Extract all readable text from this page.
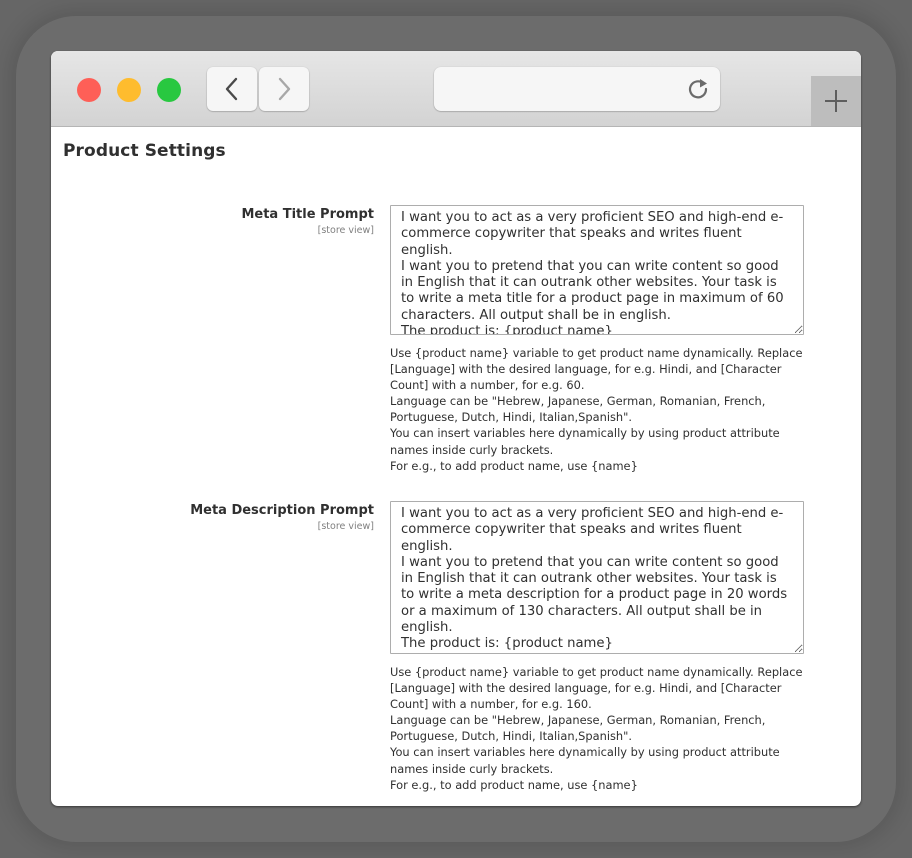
Product Settings
Meta Title Prompt
[store view]
I want you to act as a very proficient SEO and high-end e-commerce copywriter that speaks and writes fluent english. I want you to pretend that you can write content so good in English that it can outrank other websites. Your task is to write a meta title for a product page in maximum of 60 characters. All output shall be in english. The product is: {product name}
Use {product name} variable to get product name dynamically. Replace
[Language] with the desired language, for e.g. Hindi, and [Character
Count] with a number, for e.g. 60.
Language can be "Hebrew, Japanese, German, Romanian, French,
Portuguese, Dutch, Hindi, Italian,Spanish".
You can insert variables here dynamically by using product attribute
names inside curly brackets.
For e.g., to add product name, use {name}
Meta Description Prompt
[store view]
I want you to act as a very proficient SEO and high-end e-commerce copywriter that speaks and writes fluent english. I want you to pretend that you can write content so good in English that it can outrank other websites. Your task is to write a meta description for a product page in 20 words or a maximum of 130 characters. All output shall be in english. The product is: {product name}
Use {product name} variable to get product name dynamically. Replace
[Language] with the desired language, for e.g. Hindi, and [Character
Count] with a number, for e.g. 160.
Language can be "Hebrew, Japanese, German, Romanian, French,
Portuguese, Dutch, Hindi, Italian,Spanish".
You can insert variables here dynamically by using product attribute
names inside curly brackets.
For e.g., to add product name, use {name}
